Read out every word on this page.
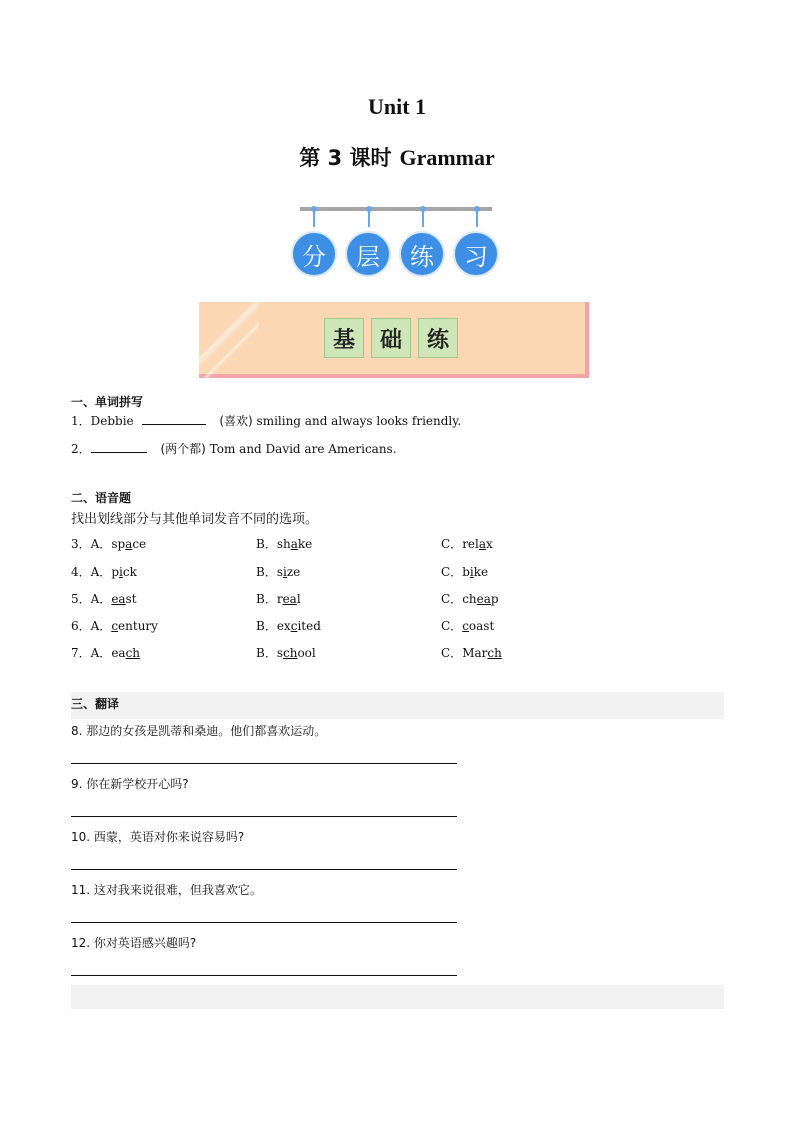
Unit 1
第 3 课时 Grammar
分	层	练	习
基	础	练
一、单词拼写
1．Debbie	(喜欢) smiling and always looks friendly.
2．	(两个都) Tom and David are Americans.
二、语音题
找出划线部分与其他单词发音不同的选项。
3．A．space	B．shake	C．relax
4．A．pick	B．size	C．bike
5．A．east	B．real	C．cheap
6．A．century	B．excited	C．coast
7．A．each	B．school	C．March
三、翻译
8. 那边的女孩是凯蒂和桑迪。他们都喜欢运动。
9. 你在新学校开心吗?
10. 西蒙，英语对你来说容易吗?
11. 这对我来说很难，但我喜欢它。
12. 你对英语感兴趣吗?
